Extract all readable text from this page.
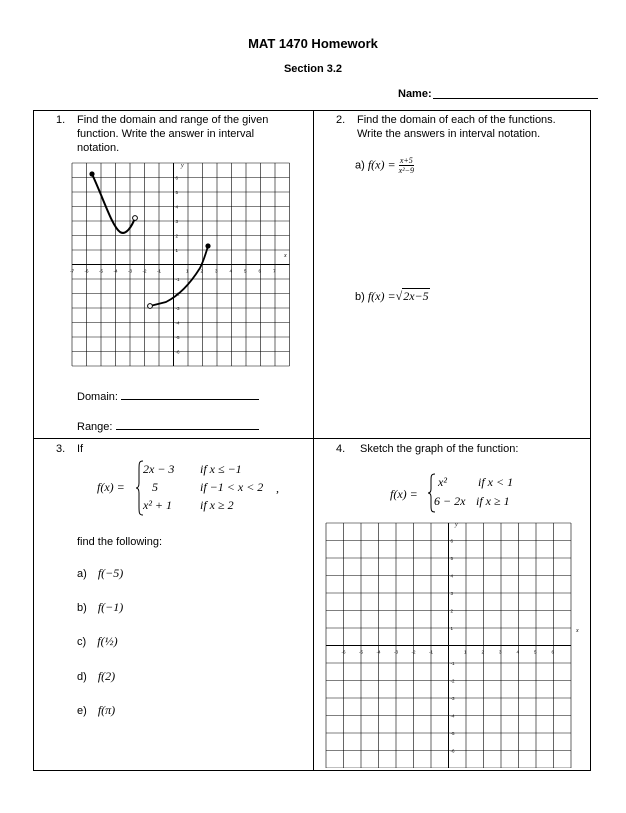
MAT 1470 Homework
Section 3.2
Name:
1. Find the domain and range of the given
function. Write the answer in interval
notation.
-7 -6 -5 -4 -3 -2 -1	1	2	3	4	5	6	7
6
5
4
3
2
1
-1
-2
-3
-4
-5
-6
x
y
Domain:
Range:
2. Find the domain of each of the functions.
Write the answers in interval notation.
a) $f(x) = \frac{x+5}{\text{x²−9}}$
b) f(x) =√2x−5
3. If
f(x) =
2x − 3 if x ≤ −1
5	if −1 < x < 2 ,
x² + 1 if x ≥ 2
find the following:
a) f(−5)
b) f(−1)
c) f(½)
d) f(2)
e) f(π)
4. Sketch the graph of the function:
f(x) =
x²	if x < 1
6 − 2x if x ≥ 1
-6	-5	-4	-3	-2	-1	1	2	3	4	5	6
6
5
4
3
2
1
-1
-2
-3
-4
-5
-6
x
y
